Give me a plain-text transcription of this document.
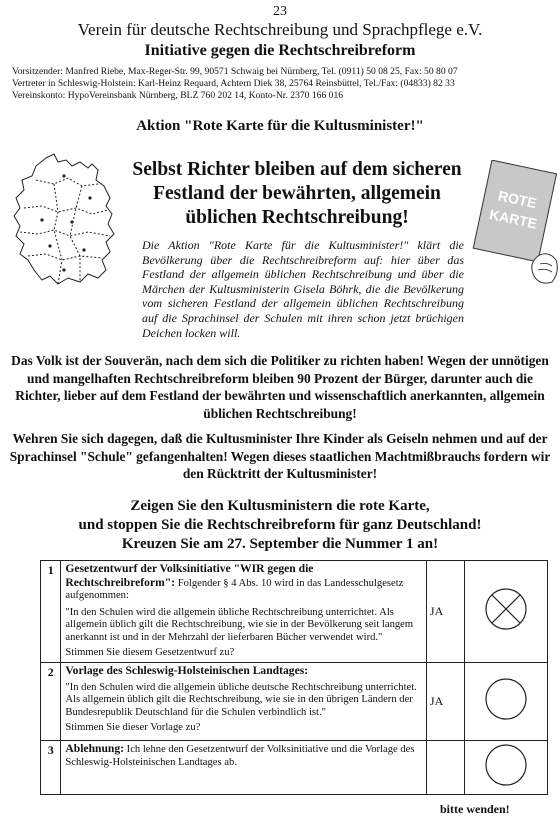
23
Verein für deutsche Rechtschreibung und Sprachpflege e.V.
Initiative gegen die Rechtschreibreform
Vorsitzender: Manfred Riebe, Max-Reger-Str. 99, 90571 Schwaig bei Nürnberg, Tel. (0911) 50 08 25, Fax: 50 80 07
Vertreter in Schleswig-Holstein: Karl-Heinz Requard, Achtern Diek 38, 25764 Reinsbüttel, Tel./Fax: (04833) 82 33
Vereinskonto: HypoVereinsbank Nürnberg, BLZ 760 202 14, Konto-Nr. 2370 166 016
Aktion "Rote Karte für die Kultusminister!"
ROTE
KARTE
Selbst Richter bleiben auf dem sicheren Festland der bewährten, allgemein üblichen Rechtschreibung!
Die Aktion "Rote Karte für die Kultusminister!" klärt die Bevölkerung über die Rechtschreibreform auf: hier über das Festland der allgemein üblichen Rechtschreibung und über die Märchen der Kultusministerin Gisela Böhrk, die die Bevölkerung vom sicheren Festland der allgemein üblichen Rechtschreibung auf die Sprachinsel der Schulen mit ihren schon jetzt brüchigen Deichen locken will.
Das Volk ist der Souverän, nach dem sich die Politiker zu richten haben! Wegen der unnötigen und mangelhaften Rechtschreibreform bleiben 90 Prozent der Bürger, darunter auch die Richter, lieber auf dem Festland der bewährten und wissenschaftlich anerkannten, allgemein üblichen Rechtschreibung!
Wehren Sie sich dagegen, daß die Kultusminister Ihre Kinder als Geiseln nehmen und auf der Sprachinsel "Schule" gefangenhalten! Wegen dieses staatlichen Machtmißbrauchs fordern wir den Rücktritt der Kultusminister!
Zeigen Sie den Kultusministern die rote Karte,
und stoppen Sie die Rechtschreibreform für ganz Deutschland!
Kreuzen Sie am 27. September die Nummer 1 an!
1	Gesetzentwurf der Volksinitiative "WIR gegen die Rechtschreibreform": Folgender § 4 Abs. 10 wird in das Landesschulgesetz aufgenommen:
"In den Schulen wird die allgemein übliche Rechtschreibung unterrichtet. Als allgemein üblich gilt die Rechtschreibung, wie sie in der Bevölkerung seit langem anerkannt ist und in der Mehrzahl der lieferbaren Bücher verwendet wird."
Stimmen Sie diesem Gesetzentwurf zu?	JA	
2	Vorlage des Schleswig-Holsteinischen Landtages:
"In den Schulen wird die allgemein übliche deutsche Rechtschreibung unterrichtet. Als allgemein üblich gilt die Rechtschreibung, wie sie in den übrigen Ländern der Bundesrepublik Deutschland für die Schulen verbindlich ist."
Stimmen Sie dieser Vorlage zu?	JA	
3	Ablehnung: Ich lehne den Gesetzentwurf der Volksinitiative und die Vorlage des Schleswig-Holsteinischen Landtages ab.		
bitte wenden!
